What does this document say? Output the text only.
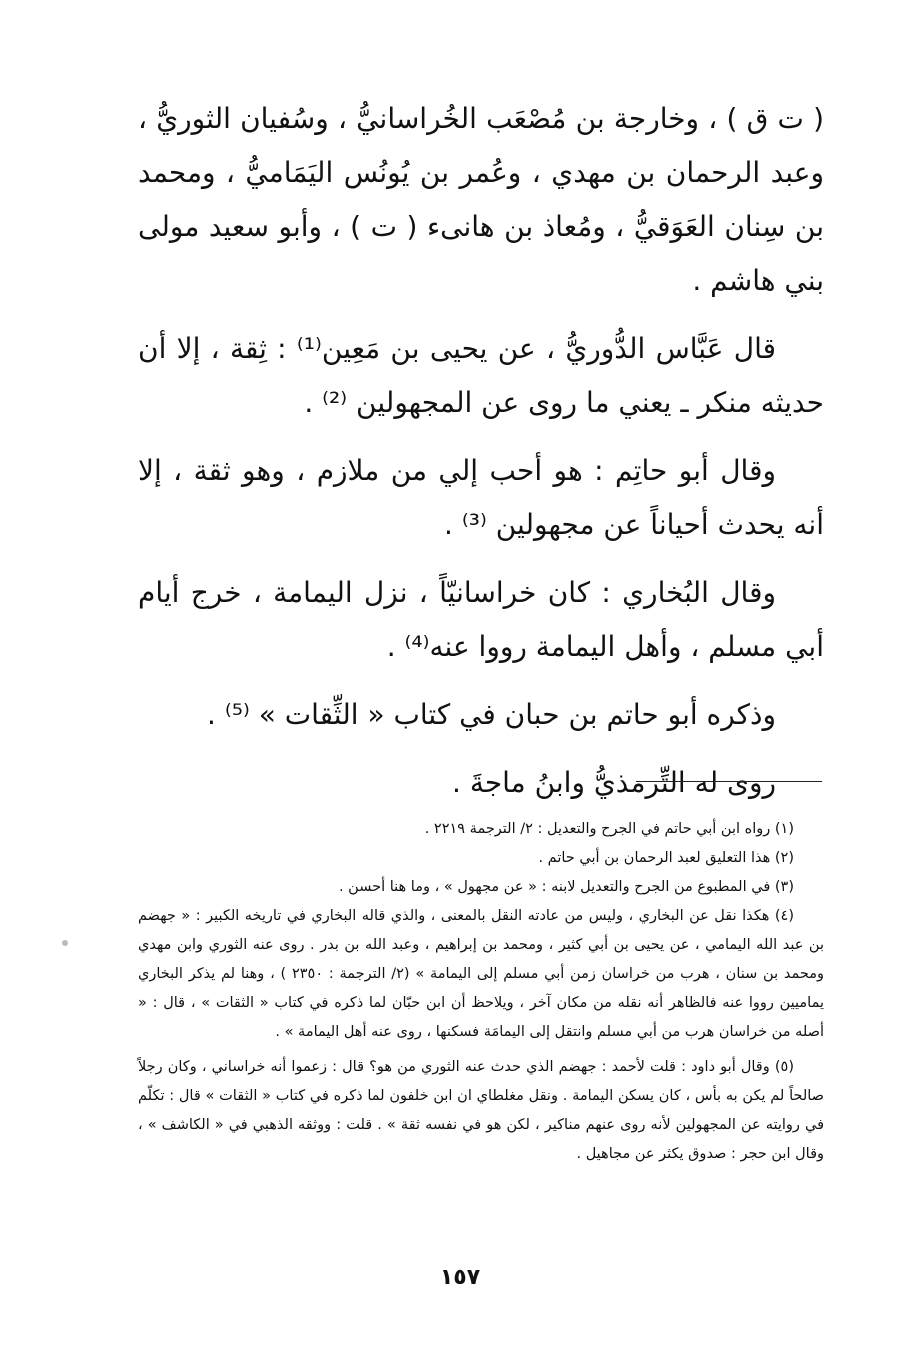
( ت ق ) ، وخارجة بن مُصْعَب الخُراسانيُّ ، وسُفيان الثوريُّ ، وعبد الرحمان بن مهدي ، وعُمر بن يُونُس اليَمَاميُّ ، ومحمد بن سِنان العَوَقيُّ ، ومُعاذ بن هانىء ( ت ) ، وأبو سعيد مولى بني هاشم .

قال عَبَّاس الدُّوريُّ ، عن يحيى بن مَعِين⁽¹⁾ : ثِقة ، إلا أن حديثه منكر ـ يعني ما روى عن المجهولين ⁽²⁾ .

وقال أبو حاتِم : هو أحب إلي من ملازم ، وهو ثقة ، إلا أنه يحدث أحياناً عن مجهولين ⁽³⁾ .

وقال البُخاري : كان خراسانيّاً ، نزل اليمامة ، خرج أيام أبي مسلم ، وأهل اليمامة رووا عنه⁽⁴⁾ .

وذكره أبو حاتم بن حبان في كتاب « الثِّقات » ⁽⁵⁾ .

روى له التِّرمذيُّ وابنُ ماجةَ .

(١) رواه ابن أبي حاتم في الجرح والتعديل : ٢/ الترجمة ٢٢١٩ .

(٢) هذا التعليق لعبد الرحمان بن أبي حاتم .

(٣) في المطبوع من الجرح والتعديل لابنه : « عن مجهول » ، وما هنا أحسن .

(٤) هكذا نقل عن البخاري ، وليس من عادته النقل بالمعنى ، والذي قاله البخاري في تاريخه الكبير : « جهضم بن عبد الله اليمامي ، عن يحيى بن أبي كثير ، ومحمد بن إبراهيم ، وعبد الله بن بدر . روى عنه الثوري وابن مهدي ومحمد بن سنان ، هرب من خراسان زمن أبي مسلم إلى اليمامة » (٢/ الترجمة : ٢٣٥٠ ) ، وهنا لم يذكر البخاري يماميين رووا عنه فالظاهر أنه نقله من مكان آخر ، ويلاحظ أن ابن حبّان لما ذكره في كتاب « الثقات » ، قال : « أصله من خراسان هرب من أبي مسلم وانتقل إلى اليمامَة فسكنها ، روى عنه أهل اليمامة » .

(٥) وقال أبو داود : قلت لأحمد : جهضم الذي حدث عنه الثوري من هو؟ قال : زعموا أنه خراساني ، وكان رجلاً صالحاً لم يكن به بأس ، كان يسكن اليمامة . ونقل مغلطاي ان ابن خلفون لما ذكره في كتاب « الثقات » قال : تكلّم في روايته عن المجهولين لأنه روى عنهم مناكير ، لكن هو في نفسه ثقة » . قلت : ووثقه الذهبي في « الكاشف » ، وقال ابن حجر : صدوق يكثر عن مجاهيل .

١٥٧
